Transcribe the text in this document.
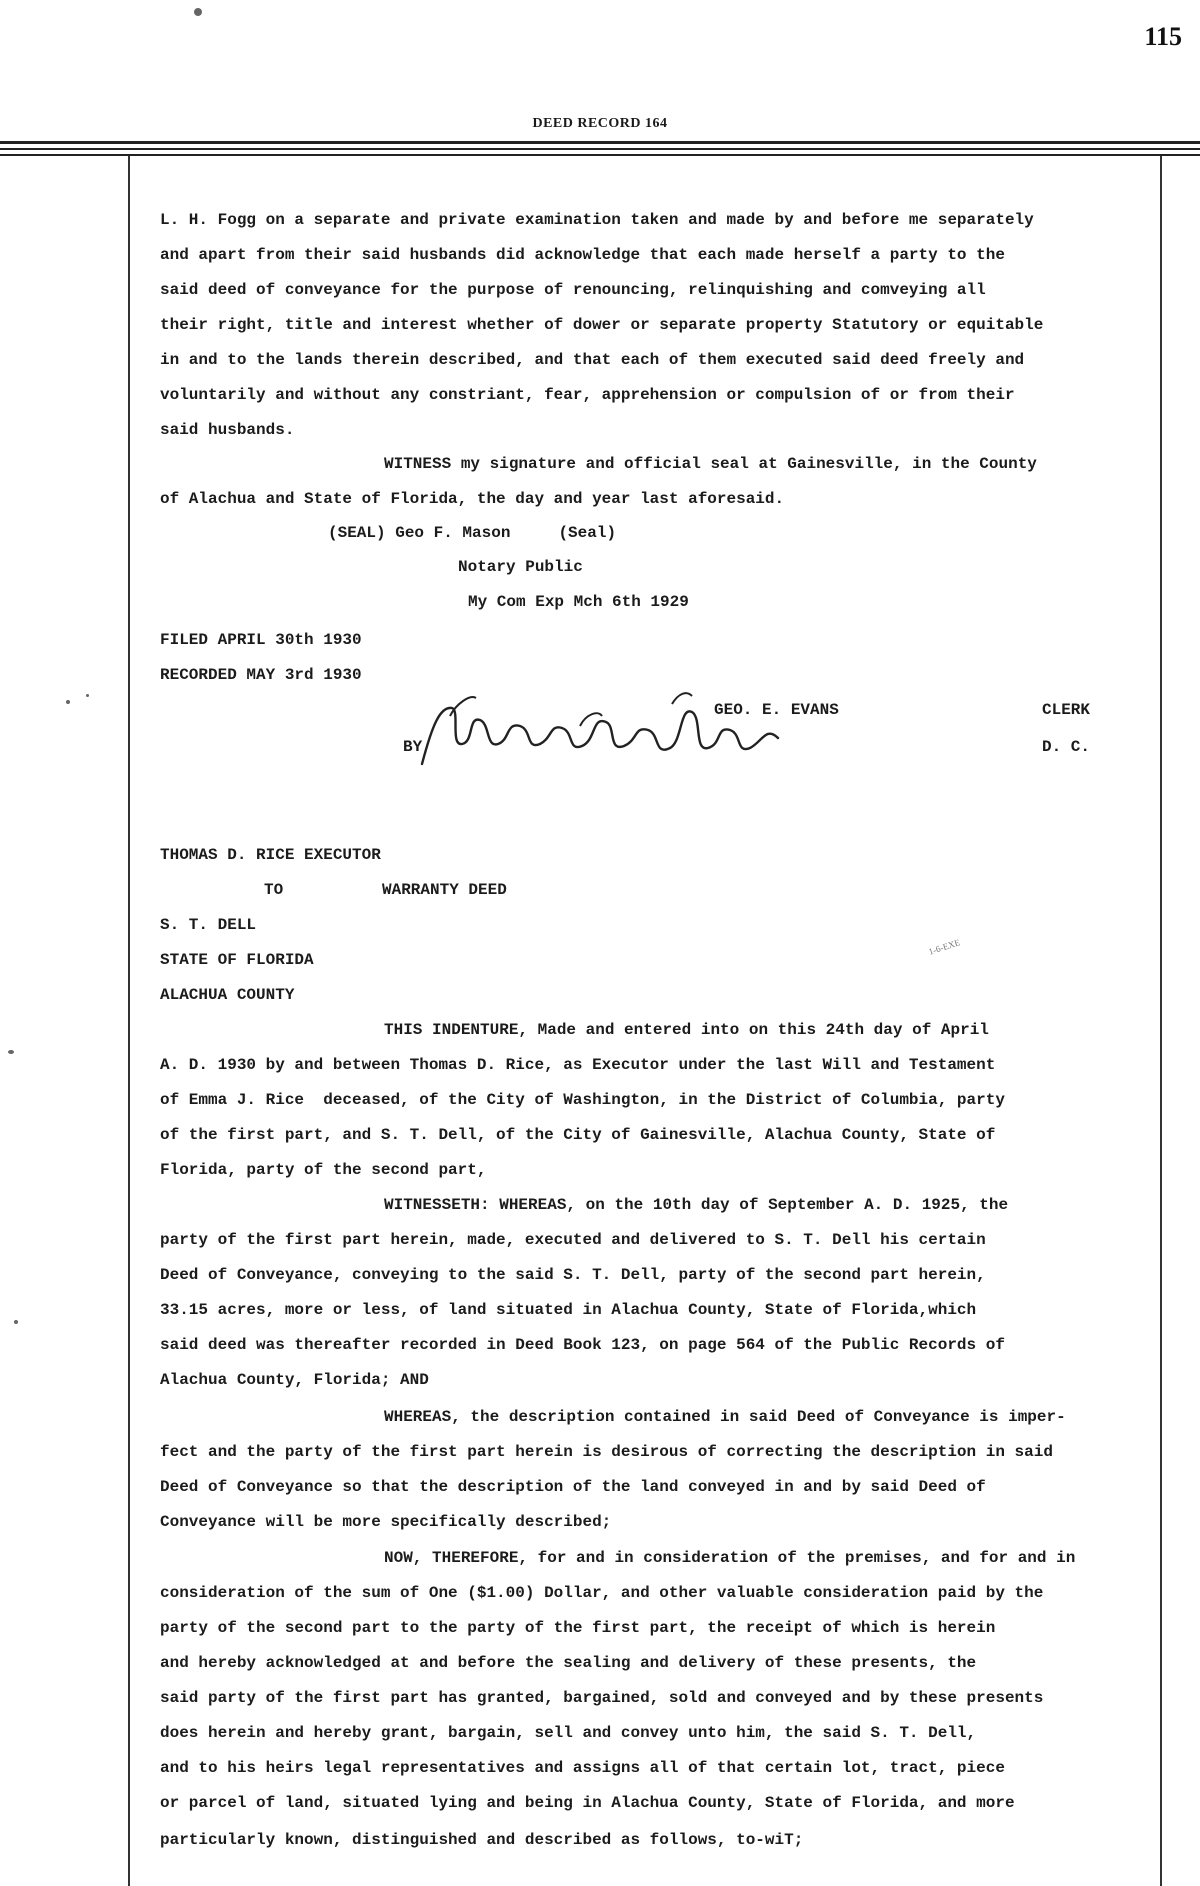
115
DEED RECORD 164
L. H. Fogg on a separate and private examination taken and made by and before me separately
and apart from their said husbands did acknowledge that each made herself a party to the
said deed of conveyance for the purpose of renouncing, relinquishing and comveying all
their right, title and interest whether of dower or separate property Statutory or equitable
in and to the lands therein described, and that each of them executed said deed freely and
voluntarily and without any constriant, fear, apprehension or compulsion of or from their
said husbands.
WITNESS my signature and official seal at Gainesville, in the County
of Alachua and State of Florida, the day and year last aforesaid.
(SEAL) Geo F. Mason     (Seal)
Notary Public
My Com Exp Mch 6th 1929
FILED APRIL 30th 1930
RECORDED MAY 3rd 1930
GEO. E. EVANS	CLERK
BY	D. C.
THOMAS D. RICE EXECUTOR
TO	WARRANTY DEED
S. T. DELL
STATE OF FLORIDA
ALACHUA COUNTY
1-6-EXE
THIS INDENTURE, Made and entered into on this 24th day of April
A. D. 1930 by and between Thomas D. Rice, as Executor under the last Will and Testament
of Emma J. Rice  deceased, of the City of Washington, in the District of Columbia, party
of the first part, and S. T. Dell, of the City of Gainesville, Alachua County, State of
Florida, party of the second part,
WITNESSETH: WHEREAS, on the 10th day of September A. D. 1925, the
party of the first part herein, made, executed and delivered to S. T. Dell his certain
Deed of Conveyance, conveying to the said S. T. Dell, party of the second part herein,
33.15 acres, more or less, of land situated in Alachua County, State of Florida,which
said deed was thereafter recorded in Deed Book 123, on page 564 of the Public Records of
Alachua County, Florida; AND
WHEREAS, the description contained in said Deed of Conveyance is imper-
fect and the party of the first part herein is desirous of correcting the description in said
Deed of Conveyance so that the description of the land conveyed in and by said Deed of
Conveyance will be more specifically described;
NOW, THEREFORE, for and in consideration of the premises, and for and in
consideration of the sum of One ($1.00) Dollar, and other valuable consideration paid by the
party of the second part to the party of the first part, the receipt of which is herein
and hereby acknowledged at and before the sealing and delivery of these presents, the
said party of the first part has granted, bargained, sold and conveyed and by these presents
does herein and hereby grant, bargain, sell and convey unto him, the said S. T. Dell,
and to his heirs legal representatives and assigns all of that certain lot, tract, piece
or parcel of land, situated lying and being in Alachua County, State of Florida, and more
particularly known, distinguished and described as follows, to-wiT;
